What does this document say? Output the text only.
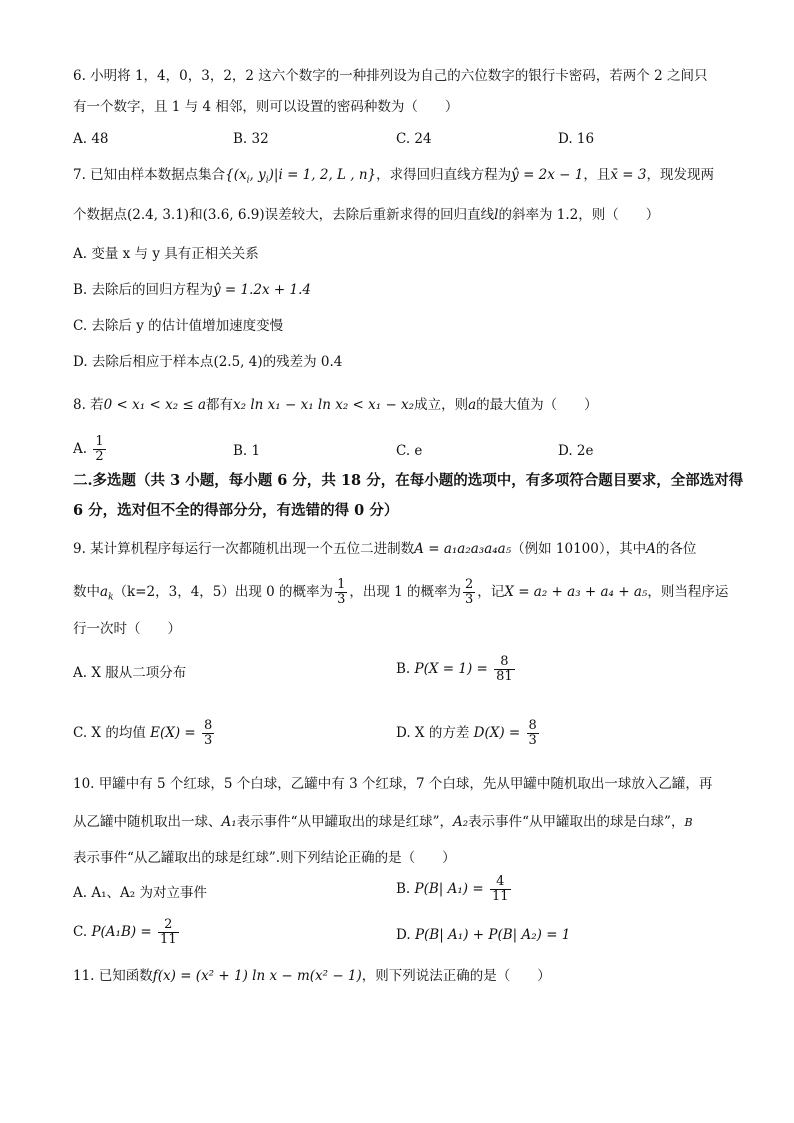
6. 小明将 1，4，0，3，2，2 这六个数字的一种排列设为自己的六位数字的银行卡密码，若两个 2 之间只
有一个数字，且 1 与 4 相邻，则可以设置的密码种数为（　　）
A. 48	B. 32	C. 24	D. 16
7. 已知由样本数据点集合{($x_i$, $y_i)|i = 1$, 2, L , n}，求得回归直线方程为ŷ = 2x − 1，且x̄ = 3，现发现两
个数据点(2.4, 3.1)和(3.6, 6.9)误差较大，去除后重新求得的回归直线l的斜率为 1.2，则（　　）
A. 变量 x 与 y 具有正相关关系
B. 去除后的回归方程为ŷ = 1.2x + 1.4
C. 去除后 y 的估计值增加速度变慢
D. 去除后相应于样本点(2.5, 4)的残差为 0.4
8. 若0 < x₁ < x₂ ≤ a都有x₂ ln x₁ − x₁ ln x₂ < x₁ − x₂成立，则a的最大值为（　　）
A. $\frac{1}{2}$	B. 1	C. e	D. 2e
二.多选题（共 3 小题，每小题 6 分，共 18 分，在每小题的选项中，有多项符合题目要求，全部选对得 6 分，选对但不全的得部分分，有选错的得 0 分）
9. 某计算机程序每运行一次都随机出现一个五位二进制数A = a₁a₂a₃a₄a₅（例如 10100），其中A的各位
数中$a_k(k=2$，3，4，5）出现 0 的概率为 $\frac{1}{3}$ ，出现 1 的概率为 $\frac{2}{3}$ ，记X = a₂ + a₃ + a₄ + a₅，则当程序运
行一次时（　　）
A. X 服从二项分布	B. $P(X = 1) = \frac{8}{81}$
C. X 的均值 $E(X) = \frac{8}{3}$	D. X 的方差 $D(X) = \frac{8}{3}$
10. 甲罐中有 5 个红球，5 个白球，乙罐中有 3 个红球，7 个白球，先从甲罐中随机取出一球放入乙罐，再
从乙罐中随机取出一球、A₁表示事件“从甲罐取出的球是红球”，A₂表示事件“从甲罐取出的球是白球”，B
表示事件“从乙罐取出的球是红球”.则下列结论正确的是（　　）
A. A₁、A₂ 为对立事件	B. P(B| $A_1) = \frac{4}{11}$
C. $P(A_1B) = \frac{2}{11}$	D. P(B| A₁) + P(B| A₂) = 1
11. 已知函数f(x) = (x² + 1) ln x − m(x² − 1)，则下列说法正确的是（　　）
